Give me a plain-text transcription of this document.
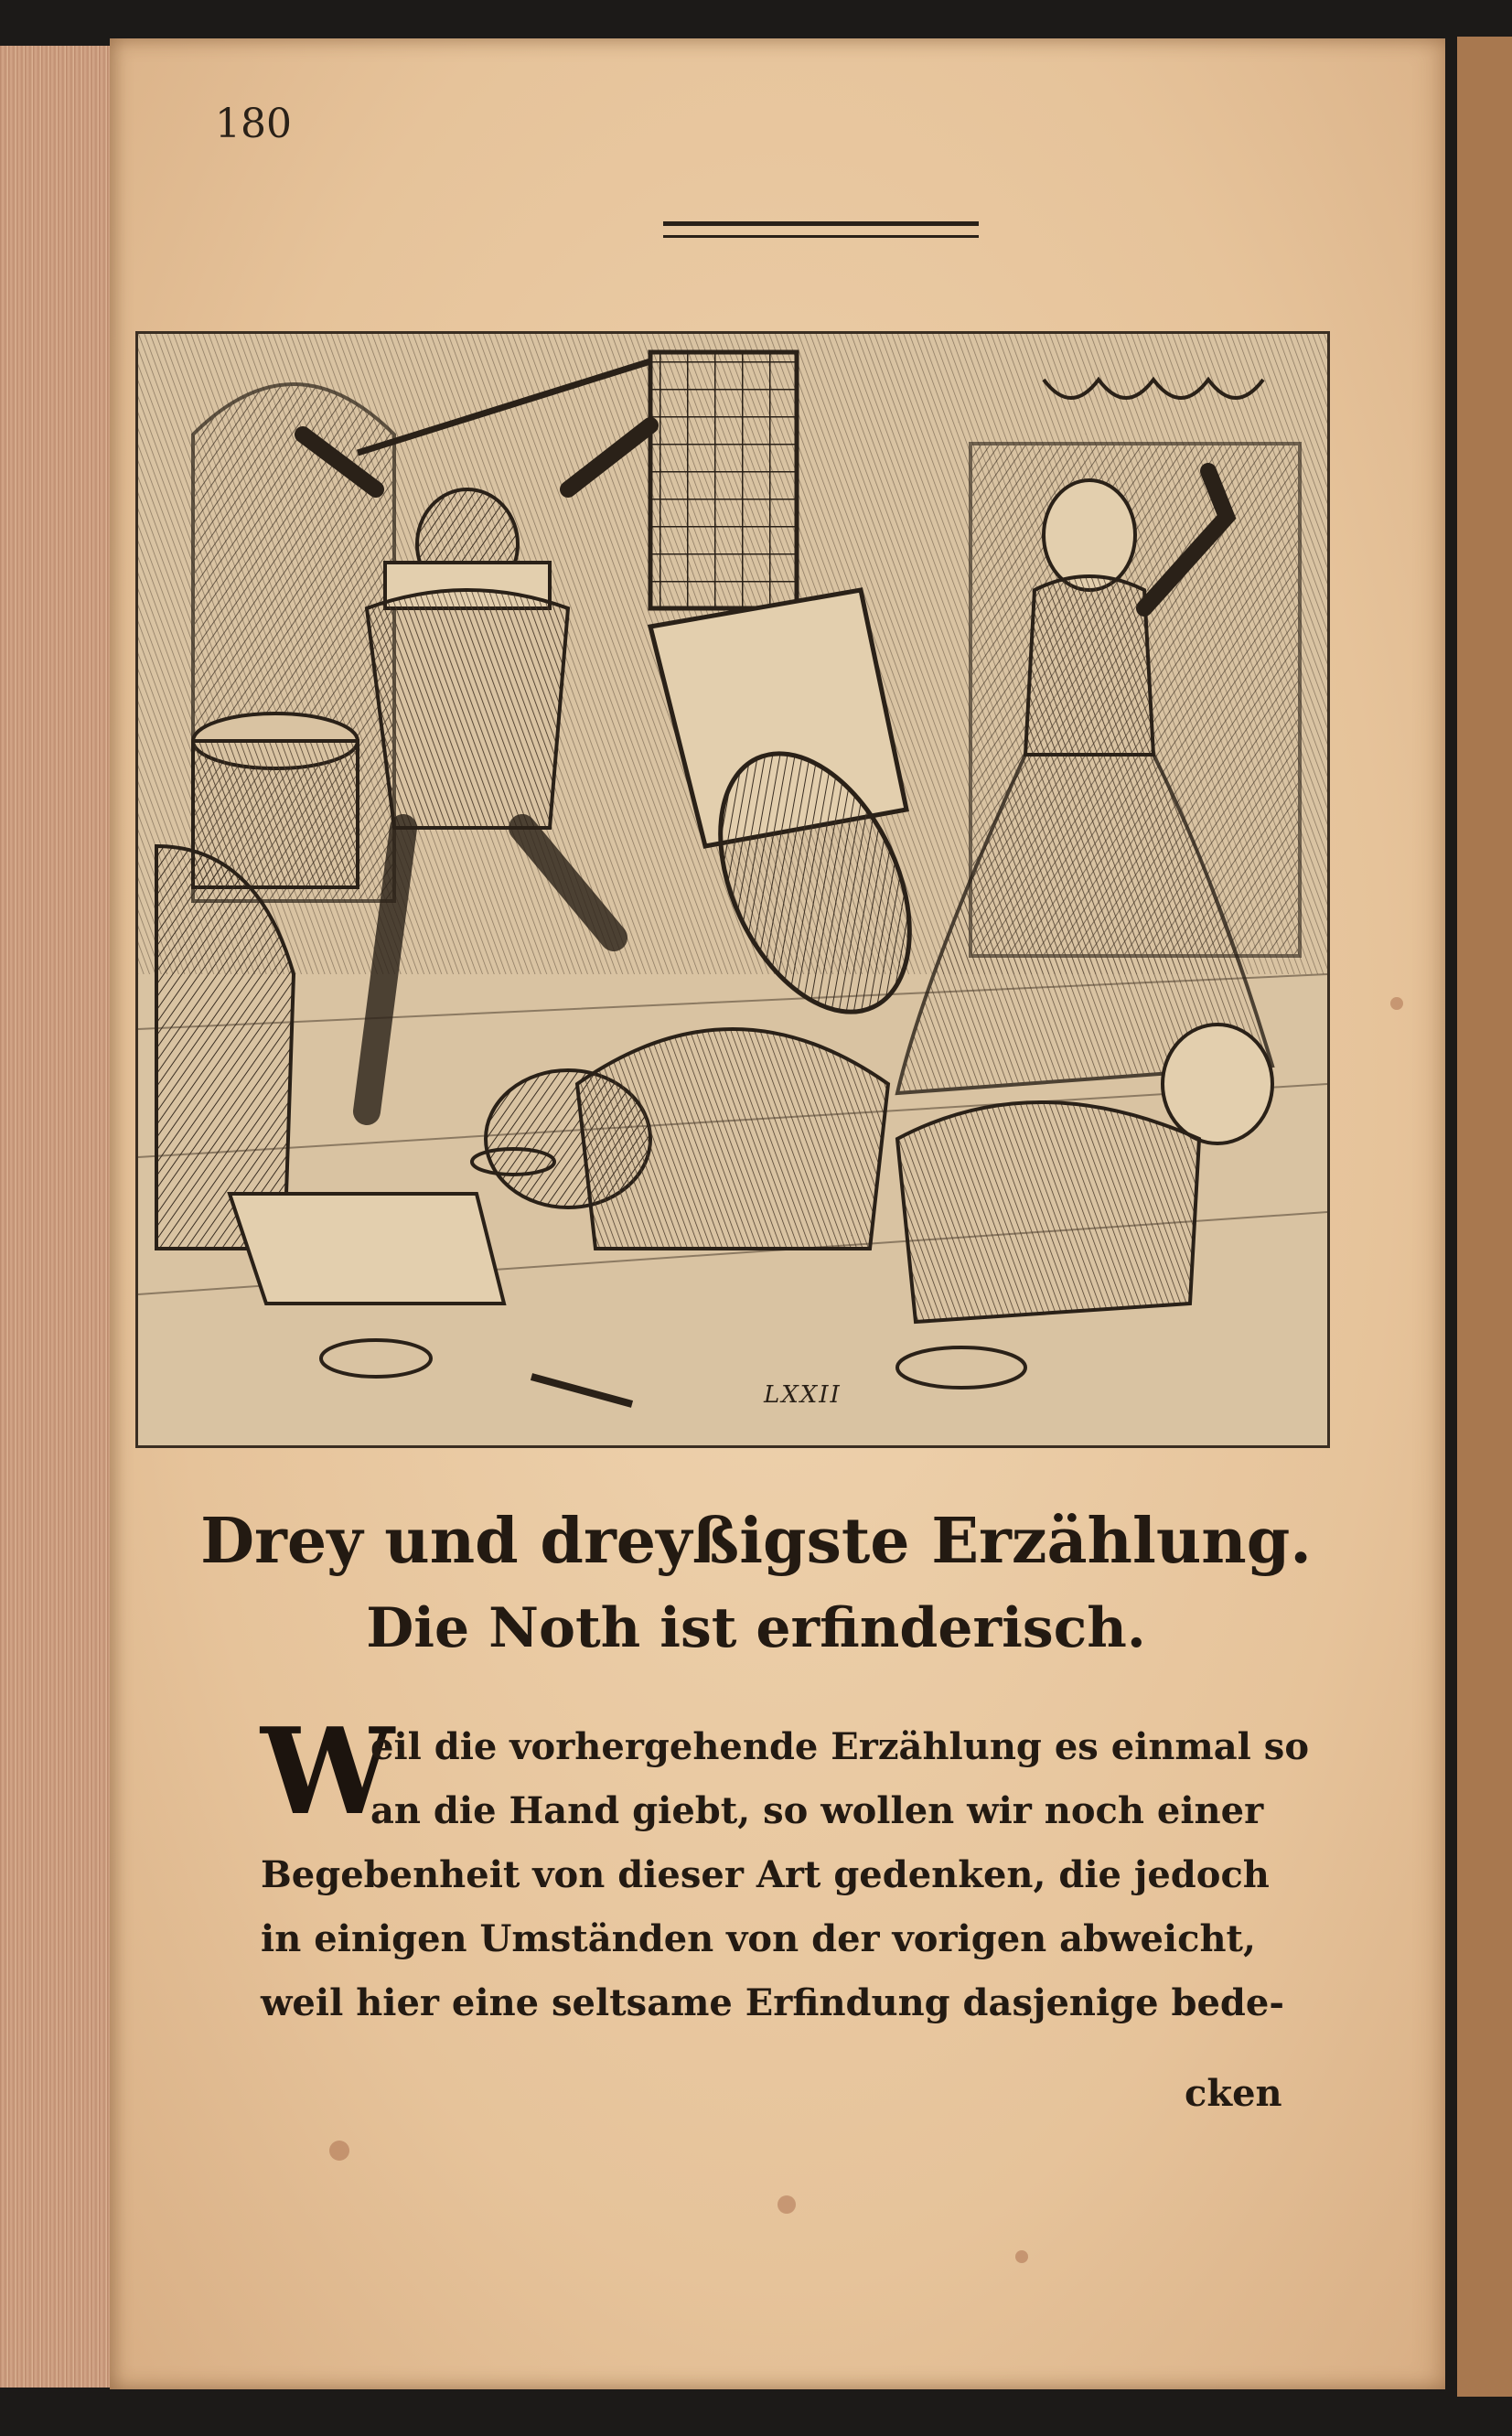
180
LXXII
Drey und dreyßigste Erzählung.
Die Noth ist erfinderisch.
W
eil die vorhergehende Erzählung es einmal so
an die Hand giebt, so wollen wir noch einer
Begebenheit von dieser Art gedenken, die jedoch
in einigen Umständen von der vorigen abweicht,
weil hier eine seltsame Erfindung dasjenige bede-
cken
